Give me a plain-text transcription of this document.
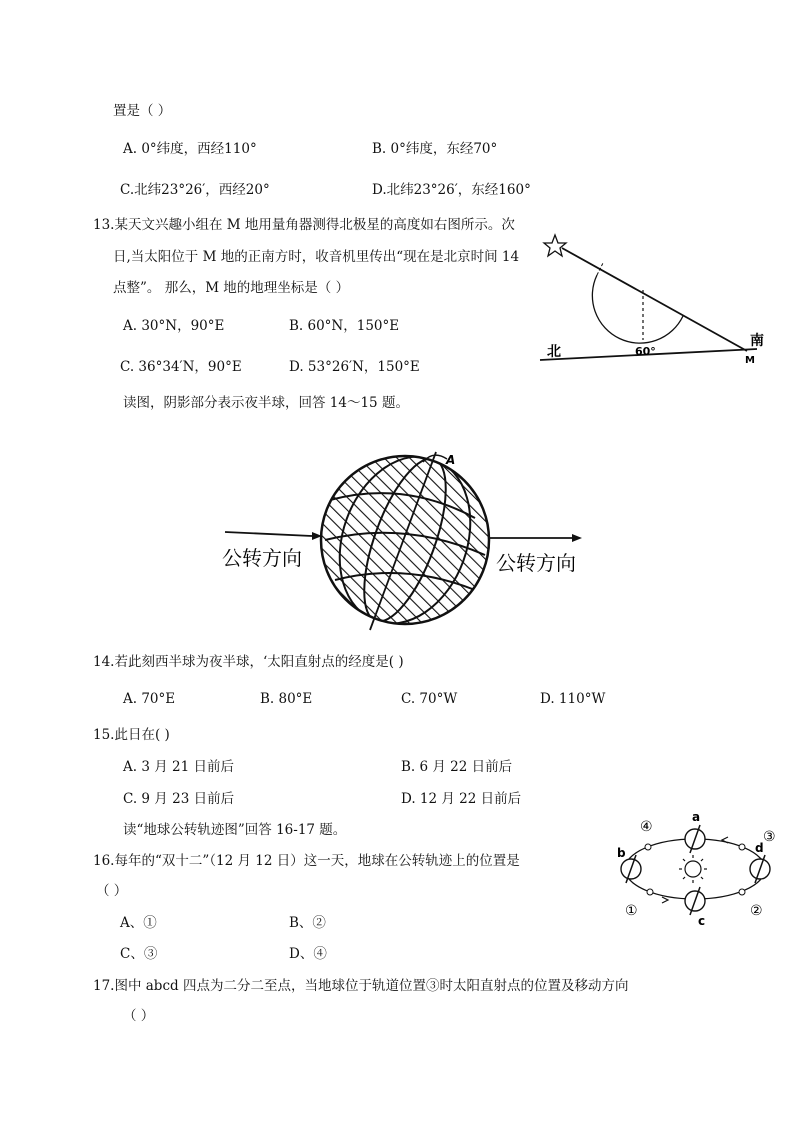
置是（ ）
A. 0°纬度，西经110°	B. 0°纬度，东经70°
C.北纬23°26′，西经20°	D.北纬23°26′，东经160°
13.某天文兴趣小组在 M 地用量角器测得北极星的高度如右图所示。次
日,当太阳位于 M 地的正南方时，收音机里传出“现在是北京时间 14
点整”。 那么，M 地的地理坐标是（ ）
A. 30°N，90°E	B. 60°N，150°E
C. 36°34′N，90°E	D. 53°26′N，150°E
北
南
60°
M
读图，阴影部分表示夜半球，回答 14～15 题。
A
公转方向	公转方向
14.若此刻西半球为夜半球，‘太阳直射点的经度是( )
A. 70°E	B. 80°E	C. 70°W	D. 110°W
15.此日在( )
A. 3 月 21 日前后	B. 6 月 22 日前后
C. 9 月 23 日前后	D. 12 月 22 日前后
读“地球公转轨迹图”回答 16-17 题。
16.每年的“双十二”（12 月 12 日）这一天，地球在公转轨迹上的位置是
（ ）
A、①	B、②
C、③	D、④
a
b
c
d
①	②
③
④
17.图中 abcd 四点为二分二至点，当地球位于轨道位置③时太阳直射点的位置及移动方向
（ ）
